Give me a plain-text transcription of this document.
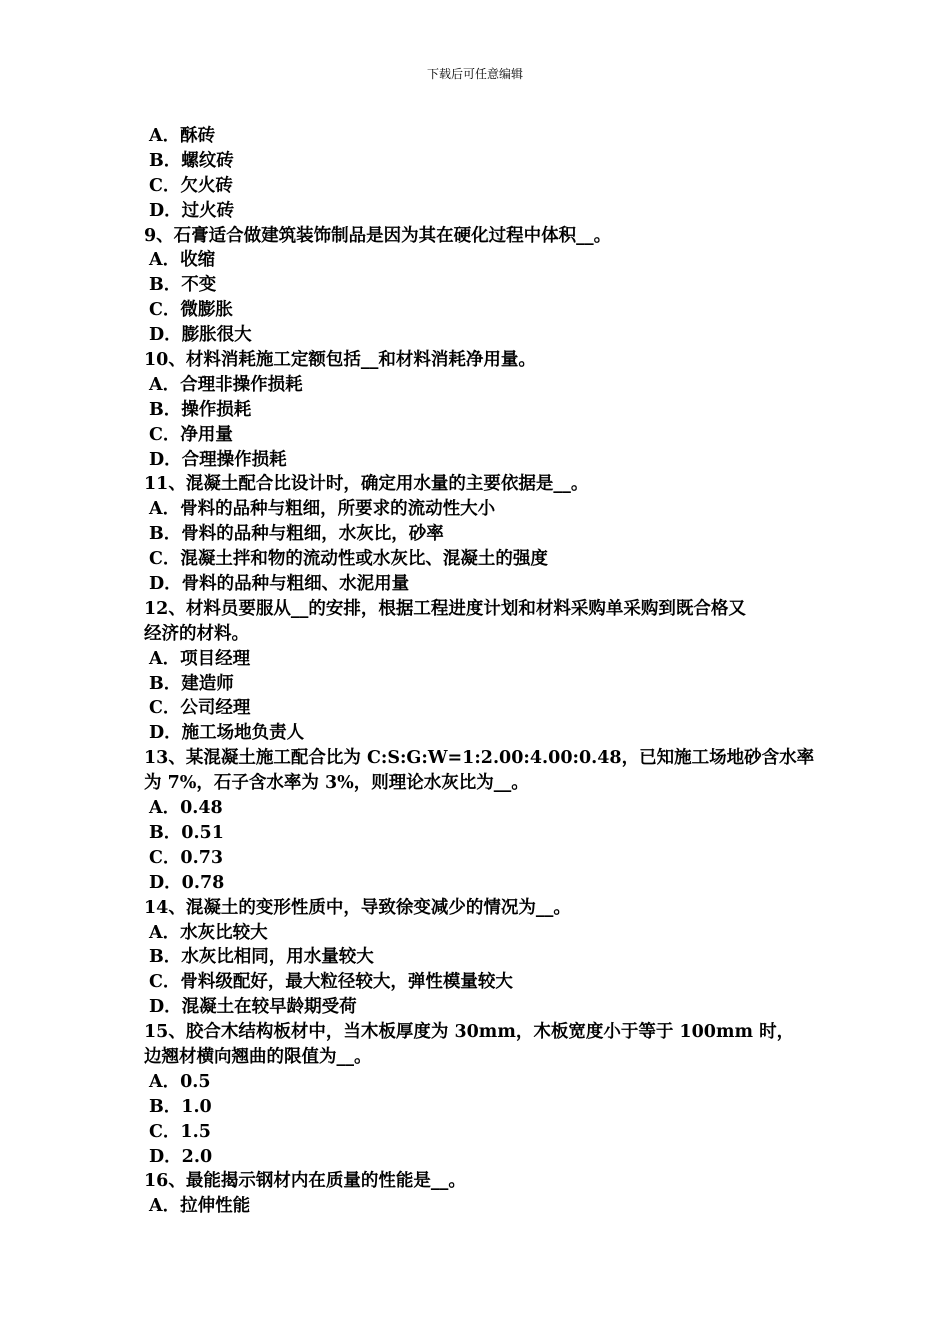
下载后可任意编辑
A．酥砖
B．螺纹砖
C．欠火砖
D．过火砖
9、石膏适合做建筑装饰制品是因为其在硬化过程中体积__。
A．收缩
B．不变
C．微膨胀
D．膨胀很大
10、材料消耗施工定额包括__和材料消耗净用量。
A．合理非操作损耗
B．操作损耗
C．净用量
D．合理操作损耗
11、混凝土配合比设计时，确定用水量的主要依据是__。
A．骨料的品种与粗细，所要求的流动性大小
B．骨料的品种与粗细，水灰比，砂率
C．混凝土拌和物的流动性或水灰比、混凝土的强度
D．骨料的品种与粗细、水泥用量
12、材料员要服从__的安排，根据工程进度计划和材料采购单采购到既合格又
经济的材料。
A．项目经理
B．建造师
C．公司经理
D．施工场地负责人
13、某混凝土施工配合比为 C:S:G:W=1:2.00:4.00:0.48，已知施工场地砂含水率
为 7%，石子含水率为 3%，则理论水灰比为__。
A．0.48
B．0.51
C．0.73
D．0.78
14、混凝土的变形性质中，导致徐变减少的情况为__。
A．水灰比较大
B．水灰比相同，用水量较大
C．骨料级配好，最大粒径较大，弹性模量较大
D．混凝土在较早龄期受荷
15、胶合木结构板材中，当木板厚度为 30mm，木板宽度小于等于 100mm 时，
边翘材横向翘曲的限值为__。
A．0.5
B．1.0
C．1.5
D．2.0
16、最能揭示钢材内在质量的性能是__。
A．拉伸性能
